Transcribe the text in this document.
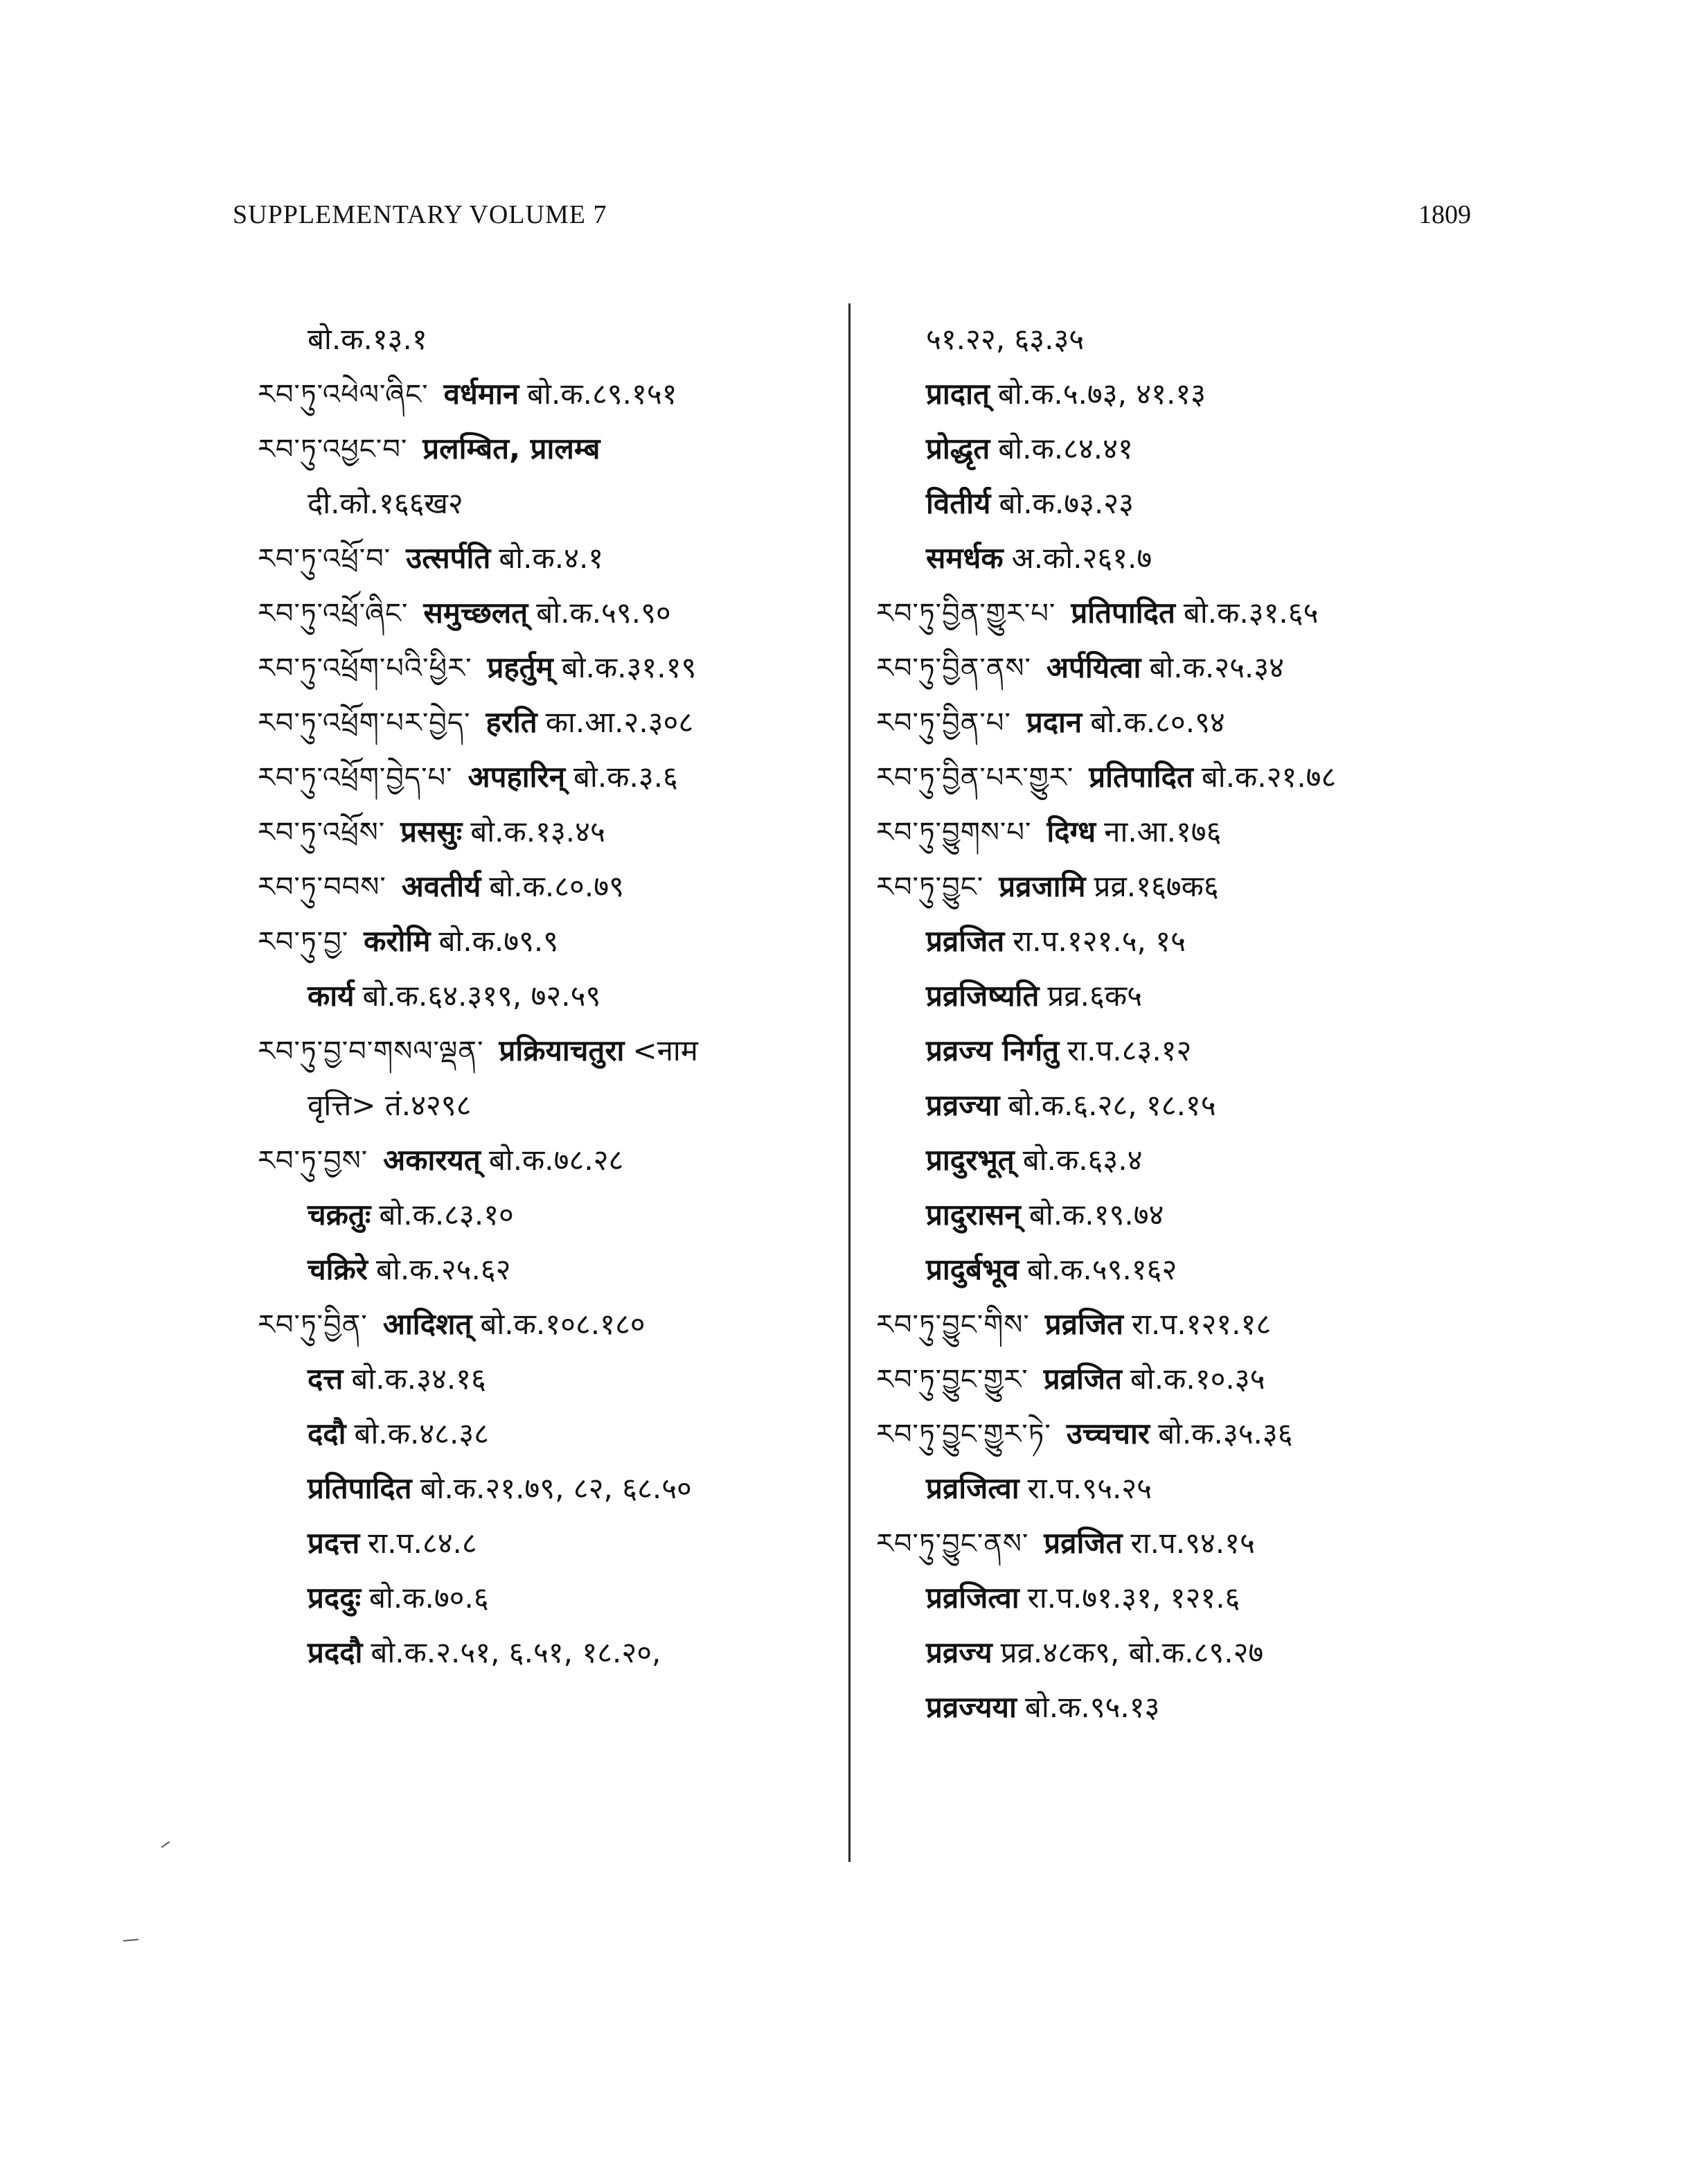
SUPPLEMENTARY VOLUME 7	1809
बो.क.१३.१
རབ་ཏུ་འཕེལ་ཞིང་ वर्धमान बो.क.८९.१५१
རབ་ཏུ་འཕྱང་བ་ प्रलम्बित, प्रालम्ब
दी.को.१६६ख२
རབ་ཏུ་འཕྲོ་བ་ उत्सर्पति बो.क.४.१
རབ་ཏུ་འཕྲོ་ཞིང་ समुच्छलत् बो.क.५९.९०
རབ་ཏུ་འཕྲོག་པའི་ཕྱིར་ प्रहर्तुम् बो.क.३१.१९
རབ་ཏུ་འཕྲོག་པར་བྱེད་ हरति का.आ.२.३०८
རབ་ཏུ་འཕྲོག་བྱེད་པ་ अपहारिन् बो.क.३.६
རབ་ཏུ་འཕྲོས་ प्रससुः बो.क.१३.४५
རབ་ཏུ་བབས་ अवतीर्य बो.क.८०.७९
རབ་ཏུ་བྱ་ करोमि बो.क.७९.९
कार्य बो.क.६४.३१९, ७२.५९
རབ་ཏུ་བྱ་བ་གསལ་ལྡན་ प्रक्रियाचतुरा <नाम
वृत्ति> तं.४२९८
རབ་ཏུ་བྱས་ अकारयत् बो.क.७८.२८
चक्रतुः बो.क.८३.१०
चक्रिरे बो.क.२५.६२
རབ་ཏུ་བྱིན་ आदिशत् बो.क.१०८.१८०
दत्त बो.क.३४.१६
ददौ बो.क.४८.३८
प्रतिपादित बो.क.२१.७९, ८२, ६८.५०
प्रदत्त रा.प.८४.८
प्रददुः बो.क.७०.६
प्रददौ बो.क.२.५१, ६.५१, १८.२०,
५१.२२, ६३.३५
प्रादात् बो.क.५.७३, ४१.१३
प्रोद्धृत बो.क.८४.४१
वितीर्य बो.क.७३.२३
समर्धक अ.को.२६१.७
རབ་ཏུ་བྱིན་གྱུར་པ་ प्रतिपादित बो.क.३१.६५
རབ་ཏུ་བྱིན་ནས་ अर्पयित्वा बो.क.२५.३४
རབ་ཏུ་བྱིན་པ་ प्रदान बो.क.८०.९४
རབ་ཏུ་བྱིན་པར་གྱུར་ प्रतिपादित बो.क.२१.७८
རབ་ཏུ་བྱུགས་པ་ दिग्ध ना.आ.१७६
རབ་ཏུ་བྱུང་ प्रव्रजामि प्रव्र.१६७क६
प्रव्रजित रा.प.१२१.५, १५
प्रव्रजिष्यति प्रव्र.६क५
प्रव्रज्य निर्गतु रा.प.८३.१२
प्रव्रज्या बो.क.६.२८, १८.१५
प्रादुरभूत् बो.क.६३.४
प्रादुरासन् बो.क.१९.७४
प्रादुर्बभूव बो.क.५९.१६२
རབ་ཏུ་བྱུང་གིས་ प्रव्रजित रा.प.१२१.१८
རབ་ཏུ་བྱུང་གྱུར་ प्रव्रजित बो.क.१०.३५
རབ་ཏུ་བྱུང་གྱུར་ཏེ་ उच्चचार बो.क.३५.३६
प्रव्रजित्वा रा.प.९५.२५
རབ་ཏུ་བྱུང་ནས་ प्रव्रजित रा.प.९४.१५
प्रव्रजित्वा रा.प.७१.३१, १२१.६
प्रव्रज्य प्रव्र.४८क९, बो.क.८९.२७
प्रव्रज्यया बो.क.९५.१३
